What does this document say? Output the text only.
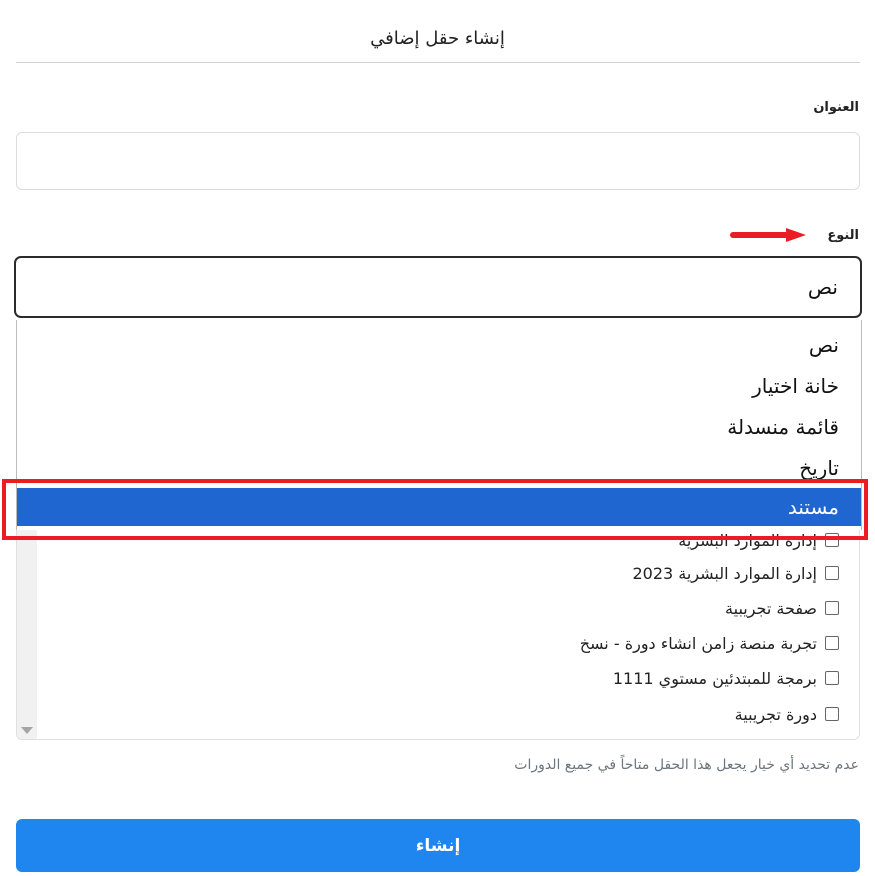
إنشاء حقل إضافي
العنوان
النوع
نص
إدارة الموارد البشرية
إدارة الموارد البشرية 2023
صفحة تجريبية
تجربة منصة زامن انشاء دورة - نسخ
برمجة للمبتدئين مستوي 1111
دورة تجريبية
نص
خانة اختيار
قائمة منسدلة
تاريخ
مستند
عدم تحديد أي خيار يجعل هذا الحقل متاحاً في جميع الدورات
إنشاء
